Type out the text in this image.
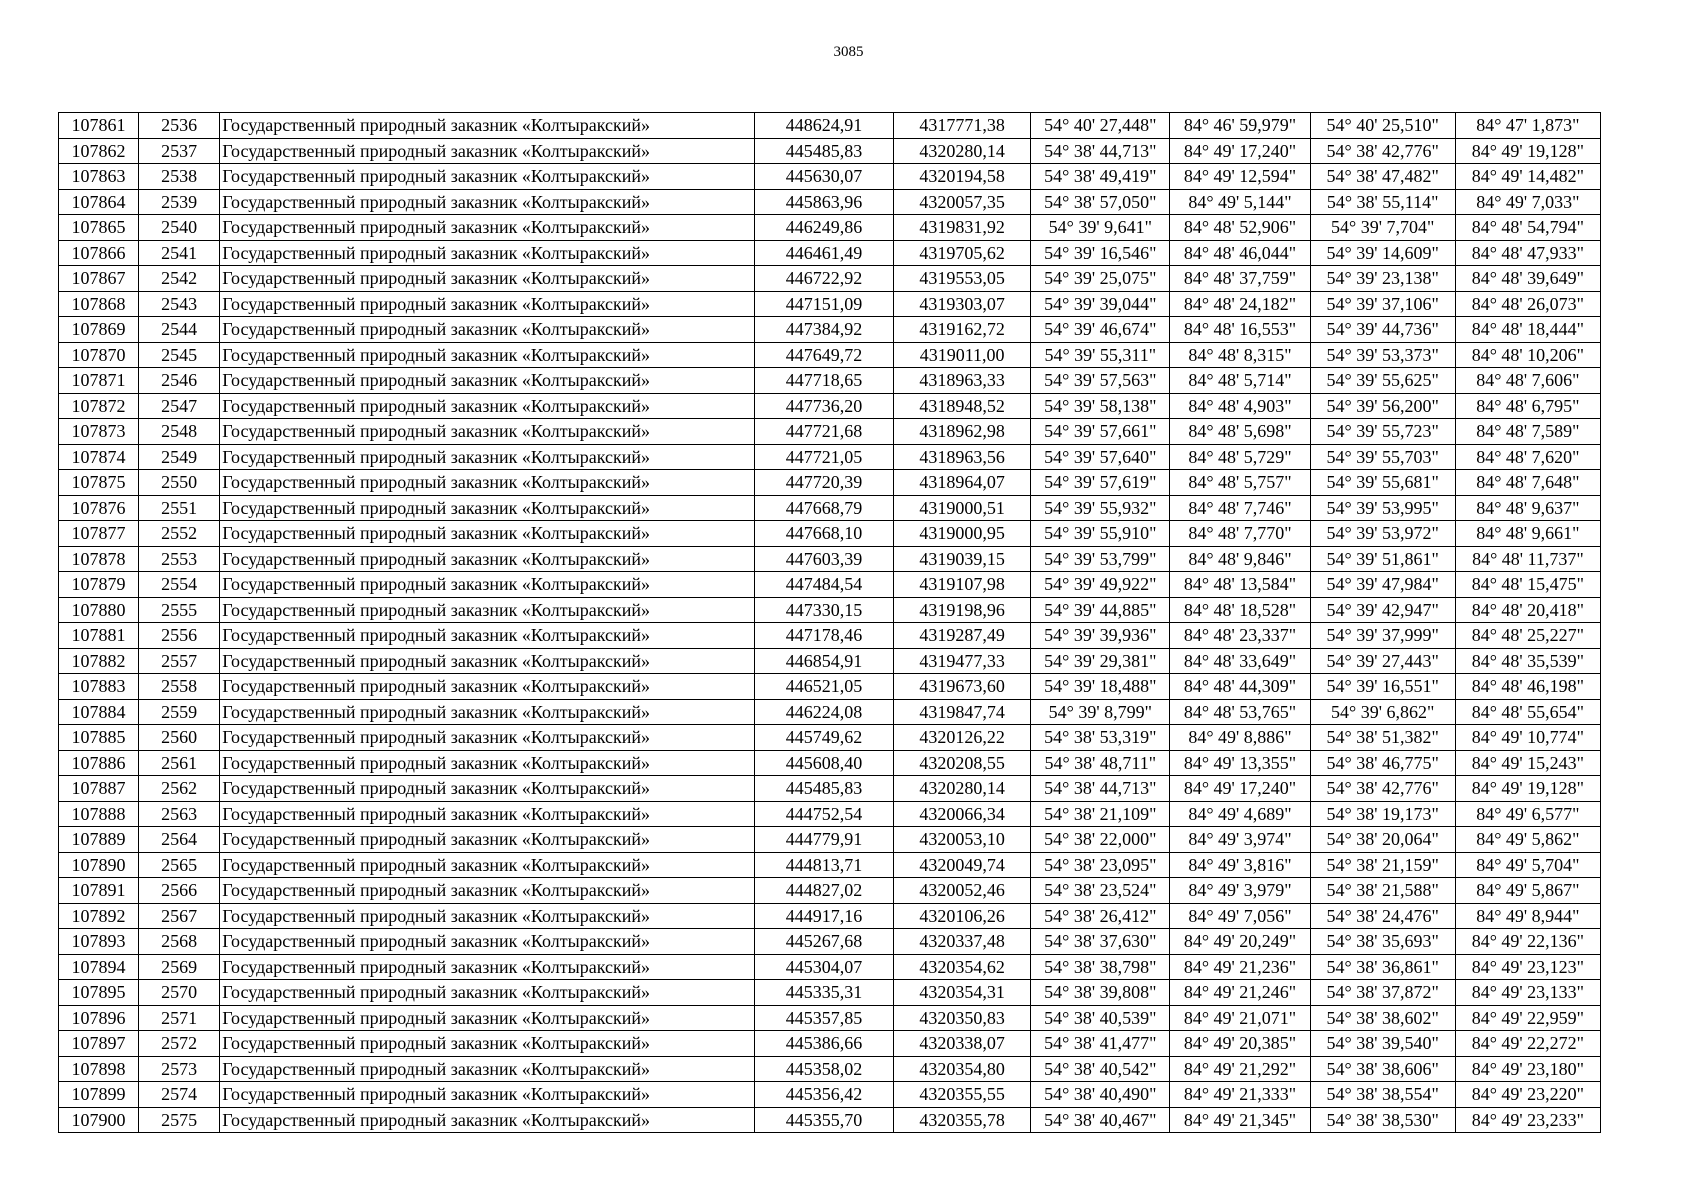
3085
107861	2536	Государственный природный заказник «Колтыракский»	448624,91	4317771,38	54° 40' 27,448"	84° 46' 59,979"	54° 40' 25,510"	84° 47' 1,873"
107862	2537	Государственный природный заказник «Колтыракский»	445485,83	4320280,14	54° 38' 44,713"	84° 49' 17,240"	54° 38' 42,776"	84° 49' 19,128"
107863	2538	Государственный природный заказник «Колтыракский»	445630,07	4320194,58	54° 38' 49,419"	84° 49' 12,594"	54° 38' 47,482"	84° 49' 14,482"
107864	2539	Государственный природный заказник «Колтыракский»	445863,96	4320057,35	54° 38' 57,050"	84° 49' 5,144"	54° 38' 55,114"	84° 49' 7,033"
107865	2540	Государственный природный заказник «Колтыракский»	446249,86	4319831,92	54° 39' 9,641"	84° 48' 52,906"	54° 39' 7,704"	84° 48' 54,794"
107866	2541	Государственный природный заказник «Колтыракский»	446461,49	4319705,62	54° 39' 16,546"	84° 48' 46,044"	54° 39' 14,609"	84° 48' 47,933"
107867	2542	Государственный природный заказник «Колтыракский»	446722,92	4319553,05	54° 39' 25,075"	84° 48' 37,759"	54° 39' 23,138"	84° 48' 39,649"
107868	2543	Государственный природный заказник «Колтыракский»	447151,09	4319303,07	54° 39' 39,044"	84° 48' 24,182"	54° 39' 37,106"	84° 48' 26,073"
107869	2544	Государственный природный заказник «Колтыракский»	447384,92	4319162,72	54° 39' 46,674"	84° 48' 16,553"	54° 39' 44,736"	84° 48' 18,444"
107870	2545	Государственный природный заказник «Колтыракский»	447649,72	4319011,00	54° 39' 55,311"	84° 48' 8,315"	54° 39' 53,373"	84° 48' 10,206"
107871	2546	Государственный природный заказник «Колтыракский»	447718,65	4318963,33	54° 39' 57,563"	84° 48' 5,714"	54° 39' 55,625"	84° 48' 7,606"
107872	2547	Государственный природный заказник «Колтыракский»	447736,20	4318948,52	54° 39' 58,138"	84° 48' 4,903"	54° 39' 56,200"	84° 48' 6,795"
107873	2548	Государственный природный заказник «Колтыракский»	447721,68	4318962,98	54° 39' 57,661"	84° 48' 5,698"	54° 39' 55,723"	84° 48' 7,589"
107874	2549	Государственный природный заказник «Колтыракский»	447721,05	4318963,56	54° 39' 57,640"	84° 48' 5,729"	54° 39' 55,703"	84° 48' 7,620"
107875	2550	Государственный природный заказник «Колтыракский»	447720,39	4318964,07	54° 39' 57,619"	84° 48' 5,757"	54° 39' 55,681"	84° 48' 7,648"
107876	2551	Государственный природный заказник «Колтыракский»	447668,79	4319000,51	54° 39' 55,932"	84° 48' 7,746"	54° 39' 53,995"	84° 48' 9,637"
107877	2552	Государственный природный заказник «Колтыракский»	447668,10	4319000,95	54° 39' 55,910"	84° 48' 7,770"	54° 39' 53,972"	84° 48' 9,661"
107878	2553	Государственный природный заказник «Колтыракский»	447603,39	4319039,15	54° 39' 53,799"	84° 48' 9,846"	54° 39' 51,861"	84° 48' 11,737"
107879	2554	Государственный природный заказник «Колтыракский»	447484,54	4319107,98	54° 39' 49,922"	84° 48' 13,584"	54° 39' 47,984"	84° 48' 15,475"
107880	2555	Государственный природный заказник «Колтыракский»	447330,15	4319198,96	54° 39' 44,885"	84° 48' 18,528"	54° 39' 42,947"	84° 48' 20,418"
107881	2556	Государственный природный заказник «Колтыракский»	447178,46	4319287,49	54° 39' 39,936"	84° 48' 23,337"	54° 39' 37,999"	84° 48' 25,227"
107882	2557	Государственный природный заказник «Колтыракский»	446854,91	4319477,33	54° 39' 29,381"	84° 48' 33,649"	54° 39' 27,443"	84° 48' 35,539"
107883	2558	Государственный природный заказник «Колтыракский»	446521,05	4319673,60	54° 39' 18,488"	84° 48' 44,309"	54° 39' 16,551"	84° 48' 46,198"
107884	2559	Государственный природный заказник «Колтыракский»	446224,08	4319847,74	54° 39' 8,799"	84° 48' 53,765"	54° 39' 6,862"	84° 48' 55,654"
107885	2560	Государственный природный заказник «Колтыракский»	445749,62	4320126,22	54° 38' 53,319"	84° 49' 8,886"	54° 38' 51,382"	84° 49' 10,774"
107886	2561	Государственный природный заказник «Колтыракский»	445608,40	4320208,55	54° 38' 48,711"	84° 49' 13,355"	54° 38' 46,775"	84° 49' 15,243"
107887	2562	Государственный природный заказник «Колтыракский»	445485,83	4320280,14	54° 38' 44,713"	84° 49' 17,240"	54° 38' 42,776"	84° 49' 19,128"
107888	2563	Государственный природный заказник «Колтыракский»	444752,54	4320066,34	54° 38' 21,109"	84° 49' 4,689"	54° 38' 19,173"	84° 49' 6,577"
107889	2564	Государственный природный заказник «Колтыракский»	444779,91	4320053,10	54° 38' 22,000"	84° 49' 3,974"	54° 38' 20,064"	84° 49' 5,862"
107890	2565	Государственный природный заказник «Колтыракский»	444813,71	4320049,74	54° 38' 23,095"	84° 49' 3,816"	54° 38' 21,159"	84° 49' 5,704"
107891	2566	Государственный природный заказник «Колтыракский»	444827,02	4320052,46	54° 38' 23,524"	84° 49' 3,979"	54° 38' 21,588"	84° 49' 5,867"
107892	2567	Государственный природный заказник «Колтыракский»	444917,16	4320106,26	54° 38' 26,412"	84° 49' 7,056"	54° 38' 24,476"	84° 49' 8,944"
107893	2568	Государственный природный заказник «Колтыракский»	445267,68	4320337,48	54° 38' 37,630"	84° 49' 20,249"	54° 38' 35,693"	84° 49' 22,136"
107894	2569	Государственный природный заказник «Колтыракский»	445304,07	4320354,62	54° 38' 38,798"	84° 49' 21,236"	54° 38' 36,861"	84° 49' 23,123"
107895	2570	Государственный природный заказник «Колтыракский»	445335,31	4320354,31	54° 38' 39,808"	84° 49' 21,246"	54° 38' 37,872"	84° 49' 23,133"
107896	2571	Государственный природный заказник «Колтыракский»	445357,85	4320350,83	54° 38' 40,539"	84° 49' 21,071"	54° 38' 38,602"	84° 49' 22,959"
107897	2572	Государственный природный заказник «Колтыракский»	445386,66	4320338,07	54° 38' 41,477"	84° 49' 20,385"	54° 38' 39,540"	84° 49' 22,272"
107898	2573	Государственный природный заказник «Колтыракский»	445358,02	4320354,80	54° 38' 40,542"	84° 49' 21,292"	54° 38' 38,606"	84° 49' 23,180"
107899	2574	Государственный природный заказник «Колтыракский»	445356,42	4320355,55	54° 38' 40,490"	84° 49' 21,333"	54° 38' 38,554"	84° 49' 23,220"
107900	2575	Государственный природный заказник «Колтыракский»	445355,70	4320355,78	54° 38' 40,467"	84° 49' 21,345"	54° 38' 38,530"	84° 49' 23,233"
